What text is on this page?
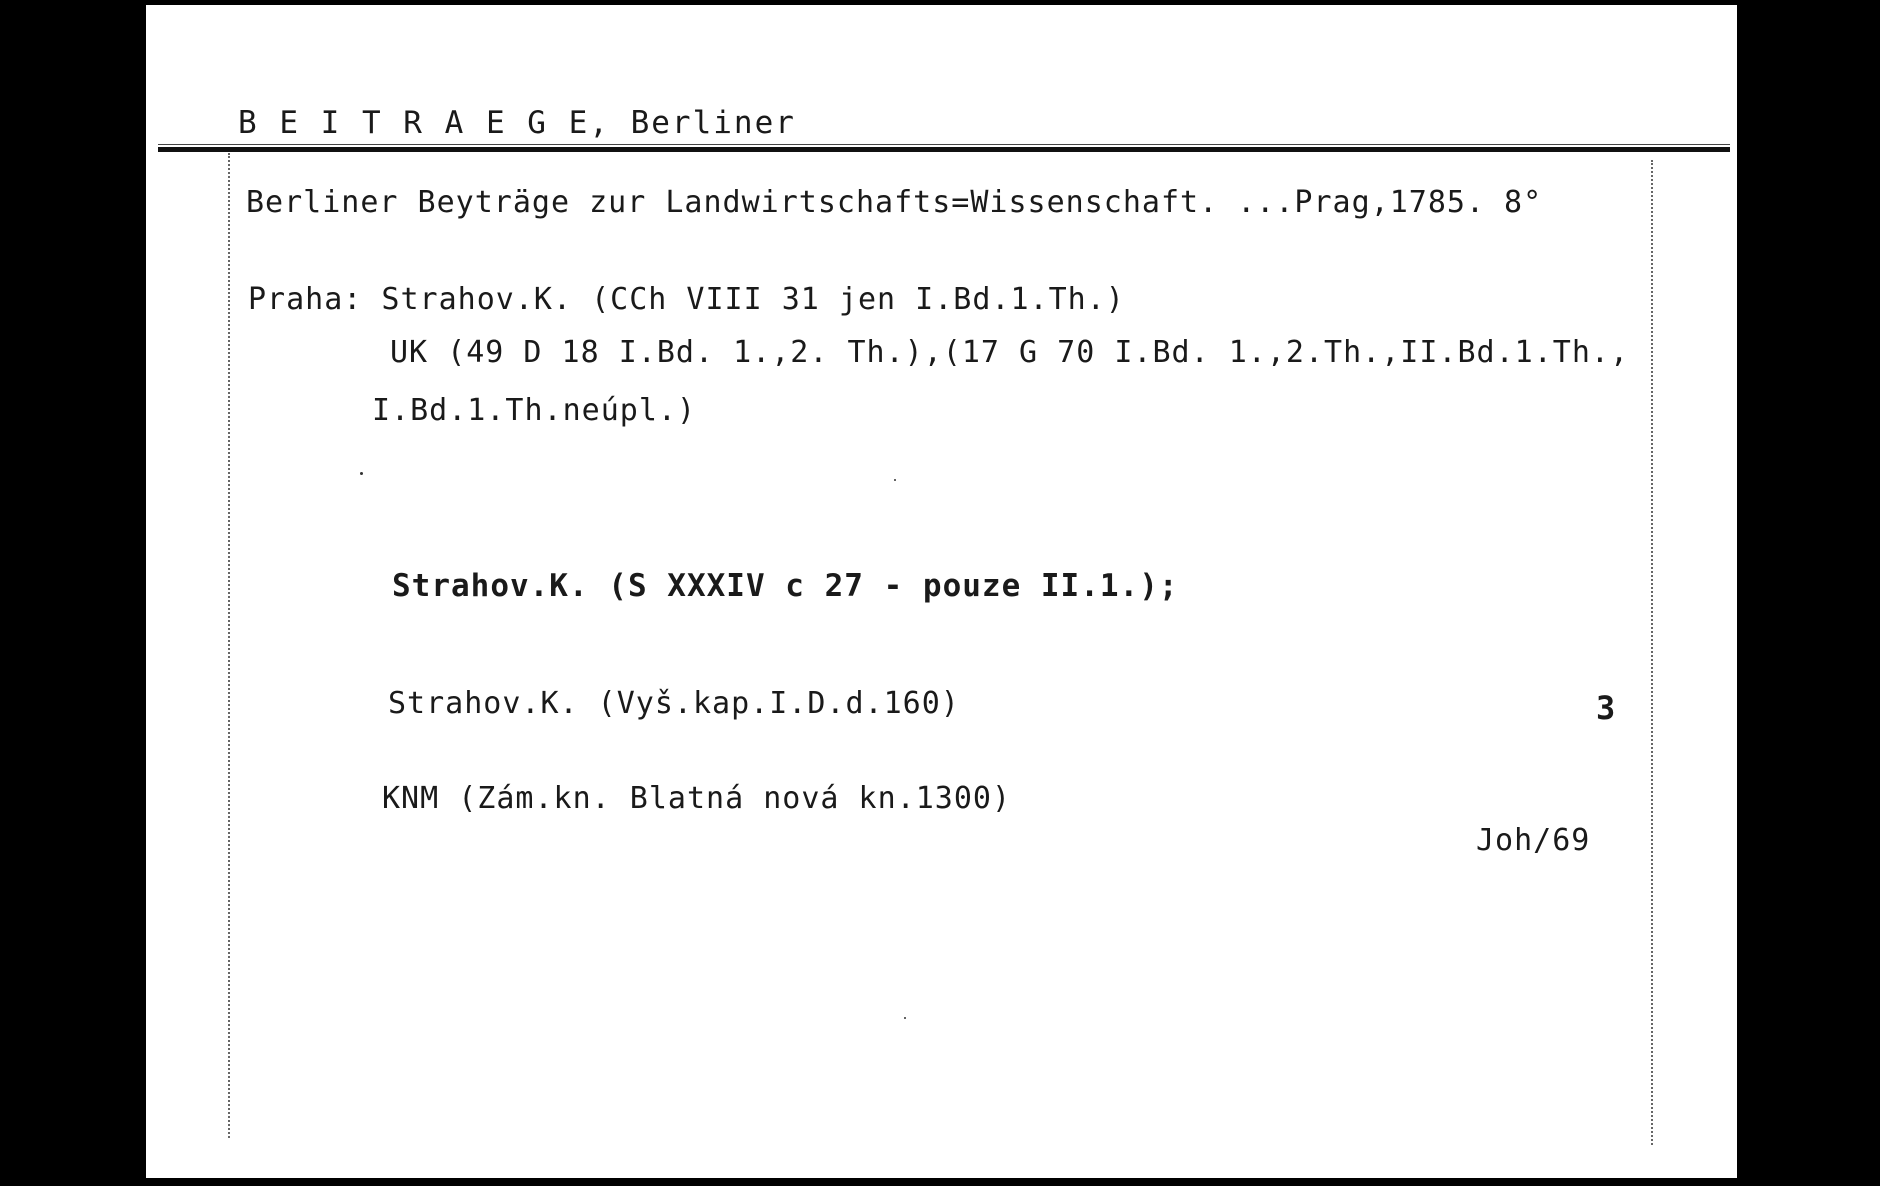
B E I T R A E G E, Berliner
Berliner Beyträge zur Landwirtschafts=Wissenschaft. ...Prag,1785. 8°
Praha: Strahov.K. (CCh VIII 31 jen I.Bd.1.Th.)
UK (49 D 18 I.Bd. 1.,2. Th.),(17 G 70 I.Bd. 1.,2.Th.,II.Bd.1.Th.,
I.Bd.1.Th.neúpl.)
Strahov.K. (S XXXIV c 27 - pouze II.1.);
Strahov.K. (Vyš.kap.I.D.d.160)	3
KNM (Zám.kn. Blatná nová kn.1300)
Joh/69
